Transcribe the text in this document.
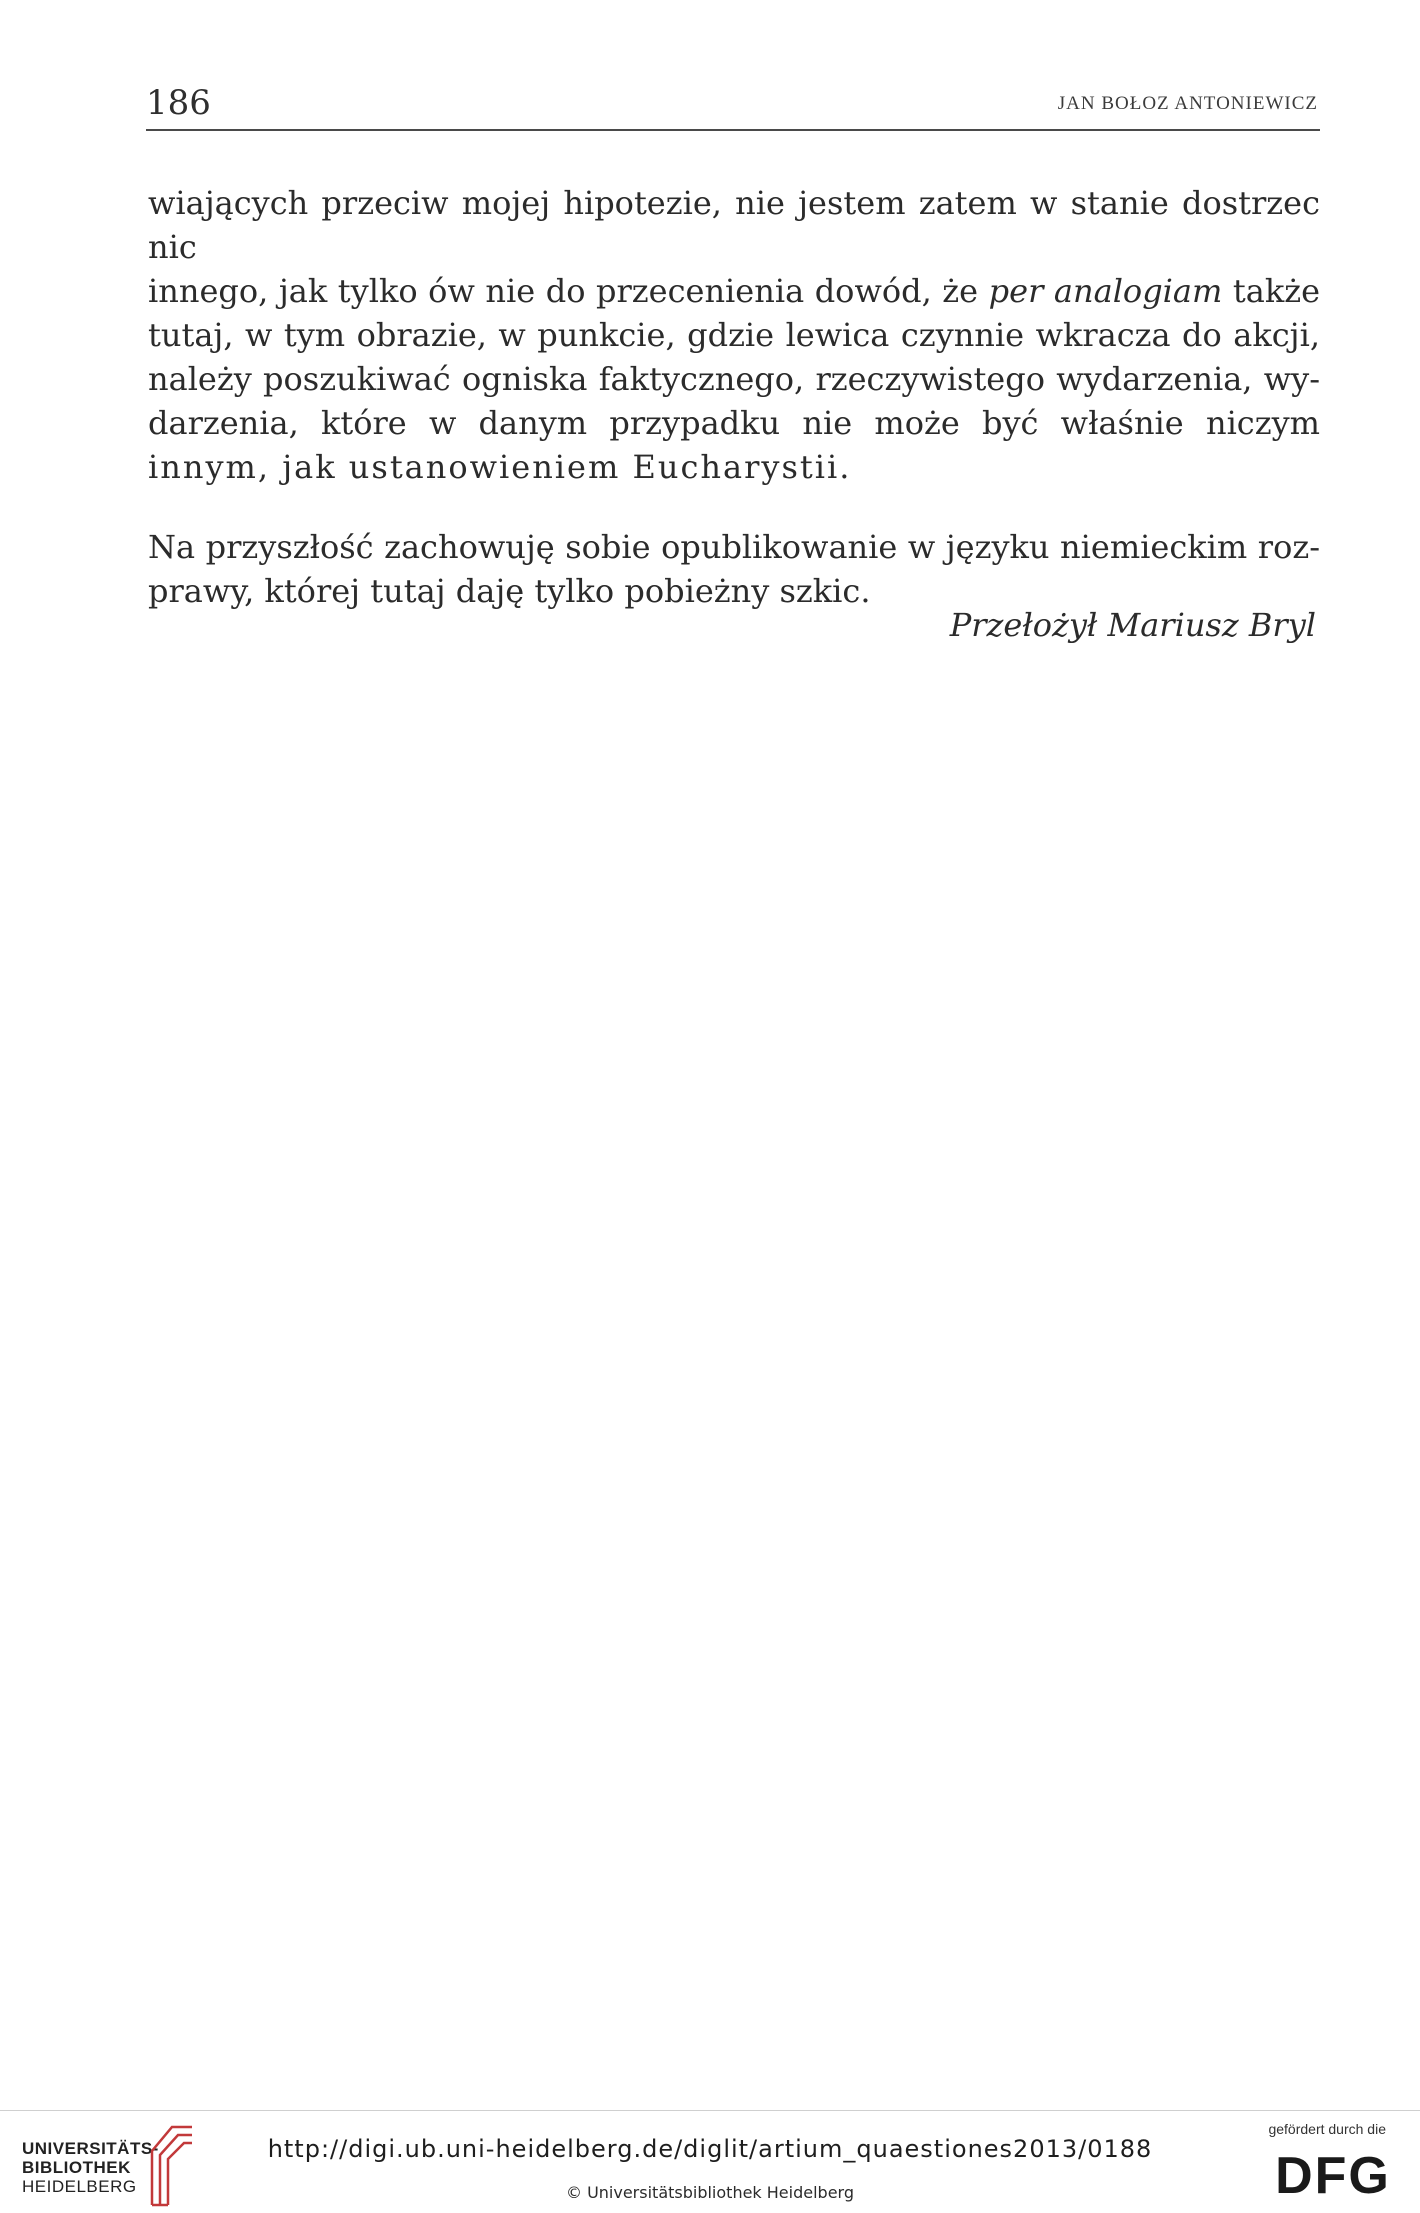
186	JAN BOŁOZ ANTONIEWICZ

wiających przeciw mojej hipotezie, nie jestem zatem w stanie dostrzec nic
innego, jak tylko ów nie do przecenienia dowód, że per analogiam także
tutaj, w tym obrazie, w punkcie, gdzie lewica czynnie wkracza do akcji,
należy poszukiwać ogniska faktycznego, rzeczywistego wydarzenia, wy-
darzenia, które w danym przypadku nie może być właśnie niczym
innym, jak ustanowieniem Eucharystii.

Na przyszłość zachowuję sobie opublikowanie w języku niemieckim roz-
prawy, której tutaj daję tylko pobieżny szkic.

Przełożył Mariusz Bryl
UNIVERSITÄTS-
BIBLIOTHEK
HEIDELBERG
http://digi.ub.uni-heidelberg.de/diglit/artium_quaestiones2013/0188
© Universitätsbibliothek Heidelberg
gefördert durch die
DFG
